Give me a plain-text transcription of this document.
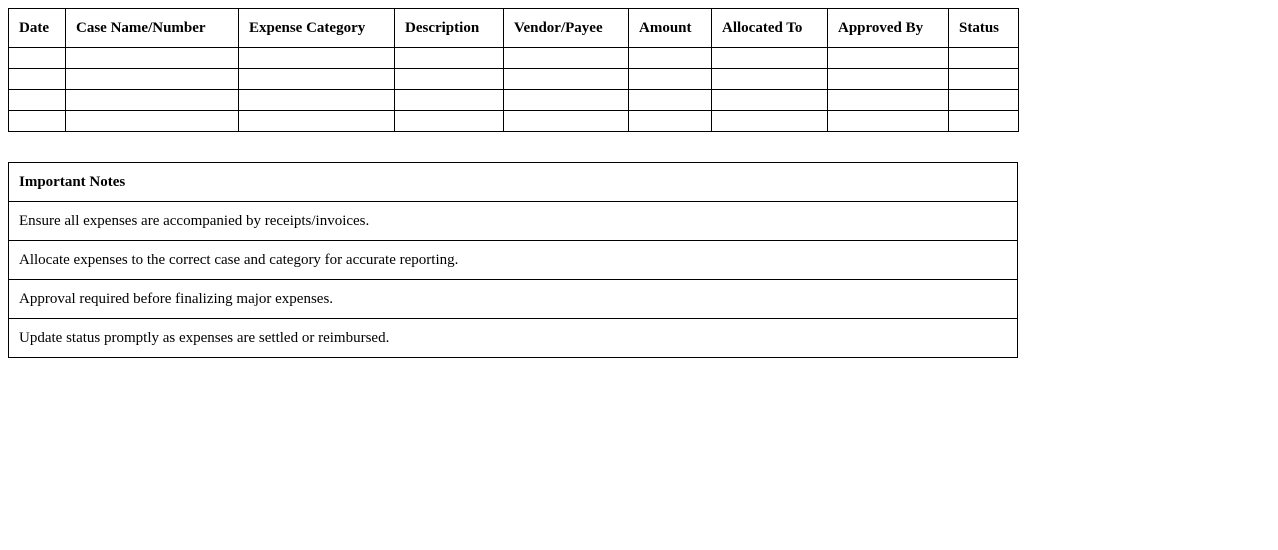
Date	Case Name/Number	Expense Category	Description	Vendor/Payee	Amount	Allocated To	Approved By	Status

Important Notes
Ensure all expenses are accompanied by receipts/invoices.
Allocate expenses to the correct case and category for accurate reporting.
Approval required before finalizing major expenses.
Update status promptly as expenses are settled or reimbursed.
